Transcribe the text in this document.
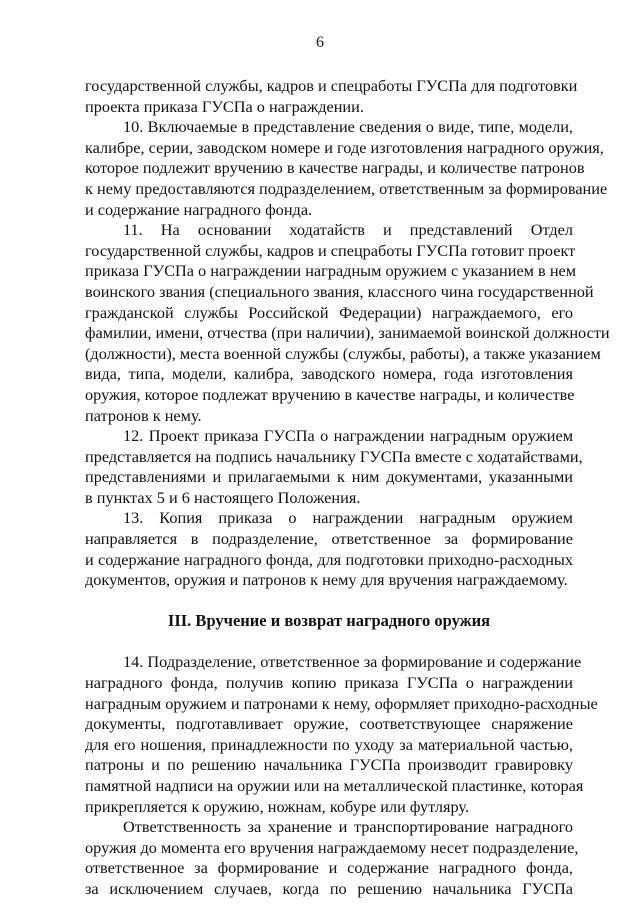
6

государственной службы, кадров и спецработы ГУСПа для подготовки

проекта приказа ГУСПа о награждении.

10. Включаемые в представление сведения о виде, типе, модели,

калибре, серии, заводском номере и годе изготовления наградного оружия,

которое подлежит вручению в качестве награды, и количестве патронов

к нему предоставляются подразделением, ответственным за формирование

и содержание наградного фонда.

11. На основании ходатайств и представлений Отдел

государственной службы, кадров и спецработы ГУСПа готовит проект

приказа ГУСПа о награждении наградным оружием с указанием в нем

воинского звания (специального звания, классного чина государственной

гражданской службы Российской Федерации) награждаемого, его

фамилии, имени, отчества (при наличии), занимаемой воинской должности

(должности), места военной службы (службы, работы), а также указанием

вида, типа, модели, калибра, заводского номера, года изготовления

оружия, которое подлежат вручению в качестве награды, и количестве

патронов к нему.

12. Проект приказа ГУСПа о награждении наградным оружием

представляется на подпись начальнику ГУСПа вместе с ходатайствами,

представлениями и прилагаемыми к ним документами, указанными

в пунктах 5 и 6 настоящего Положения.

13. Копия приказа о награждении наградным оружием

направляется в подразделение, ответственное за формирование

и содержание наградного фонда, для подготовки приходно-расходных

документов, оружия и патронов к нему для вручения награждаемому.

III. Вручение и возврат наградного оружия

14. Подразделение, ответственное за формирование и содержание

наградного фонда, получив копию приказа ГУСПа о награждении

наградным оружием и патронами к нему, оформляет приходно-расходные

документы, подготавливает оружие, соответствующее снаряжение

для его ношения, принадлежности по уходу за материальной частью,

патроны и по решению начальника ГУСПа производит гравировку

памятной надписи на оружии или на металлической пластинке, которая

прикрепляется к оружию, ножнам, кобуре или футляру.

Ответственность за хранение и транспортирование наградного

оружия до момента его вручения награждаемому несет подразделение,

ответственное за формирование и содержание наградного фонда,

за исключением случаев, когда по решению начальника ГУСПа
